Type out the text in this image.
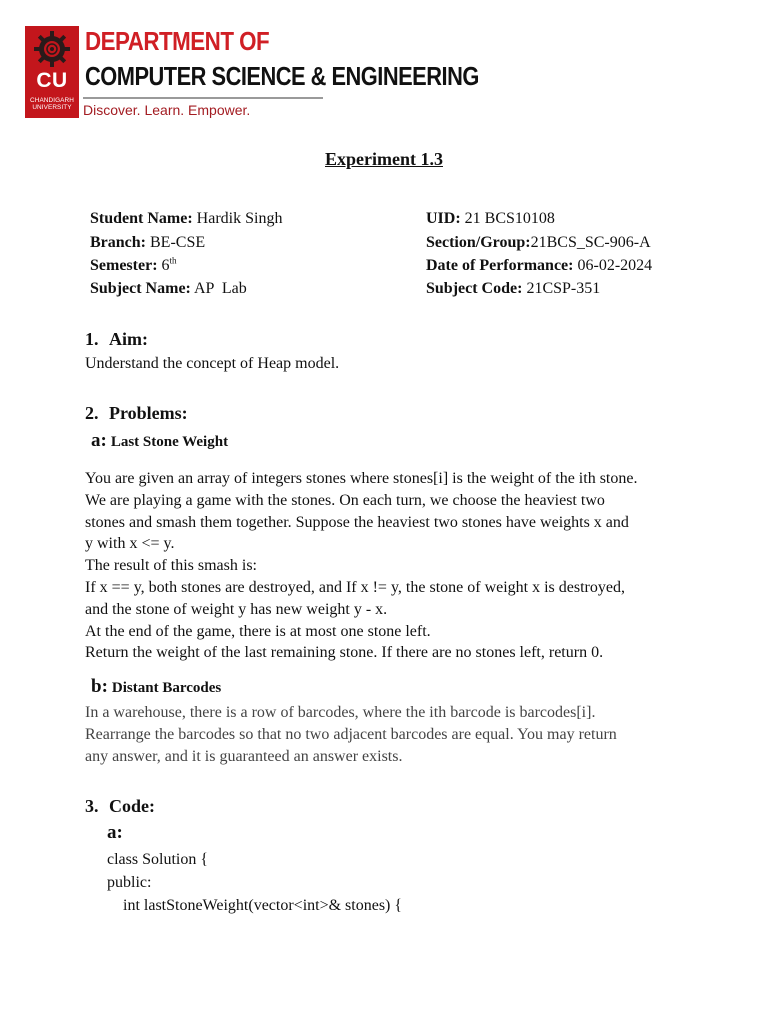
CU
CHANDIGARH
UNIVERSITY
DEPARTMENT OF
COMPUTER SCIENCE & ENGINEERING
Discover. Learn. Empower.
Experiment 1.3
Student Name: Hardik Singh	UID: 21 BCS10108
Branch: BE-CSE	Section/Group:21BCS_SC-906-A
Semester: 6th	Date of Performance: 06-02-2024
Subject Name: AP  Lab	Subject Code: 21CSP-351
1. Aim:
Understand the concept of Heap model.
2. Problems:
a: Last Stone Weight
You are given an array of integers stones where stones[i] is the weight of the ith stone.
We are playing a game with the stones. On each turn, we choose the heaviest two
stones and smash them together. Suppose the heaviest two stones have weights x and
y with x <= y.
The result of this smash is:
If x == y, both stones are destroyed, and If x != y, the stone of weight x is destroyed,
and the stone of weight y has new weight y - x.
At the end of the game, there is at most one stone left.
Return the weight of the last remaining stone. If there are no stones left, return 0.
b: Distant Barcodes
In a warehouse, there is a row of barcodes, where the ith barcode is barcodes[i].
Rearrange the barcodes so that no two adjacent barcodes are equal. You may return
any answer, and it is guaranteed an answer exists.
3. Code:
a:
class Solution {
public:
int lastStoneWeight(vector<int>& stones) {
